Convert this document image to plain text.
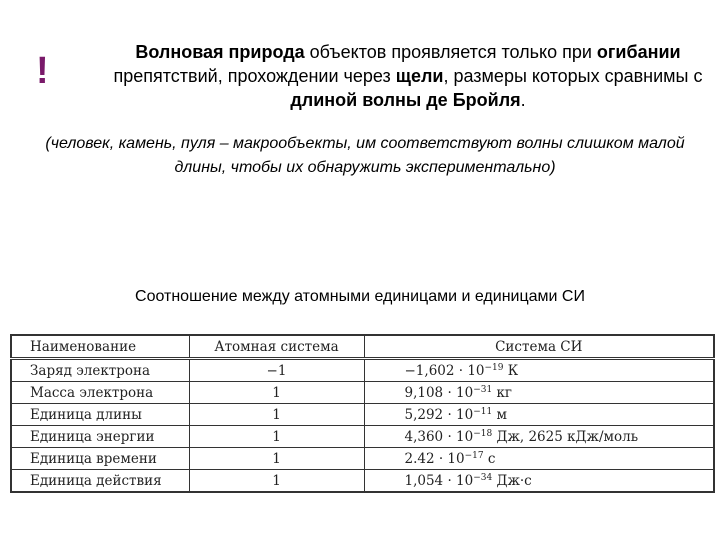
!	Волновая природа объектов проявляется только при огибании препятствий, прохождении через щели, размеры которых сравнимы с длиной волны де Бройля.
(человек, камень, пуля – макрообъекты, им соответствуют волны слишком малой длины, чтобы их обнаружить экспериментально)
Соотношение между атомными единицами и единицами СИ
Наименование	Атомная система	Система СИ
Заряд электрона	−1	$-1,602 \cdot 10^{-19}$ К
Масса электрона	1	$9,108 \cdot 10^{-31}$ кг
Единица длины	1	$5,292 \cdot 10^{-11}$ м
Единица энергии	1	$4,360 \cdot 10^{-18}$ Дж, 2625 кДж/моль
Единица времени	1	$2.42 \cdot 10^{-17}$ с
Единица действия	1	$1,054 \cdot 10^{-34}$ Дж·с
